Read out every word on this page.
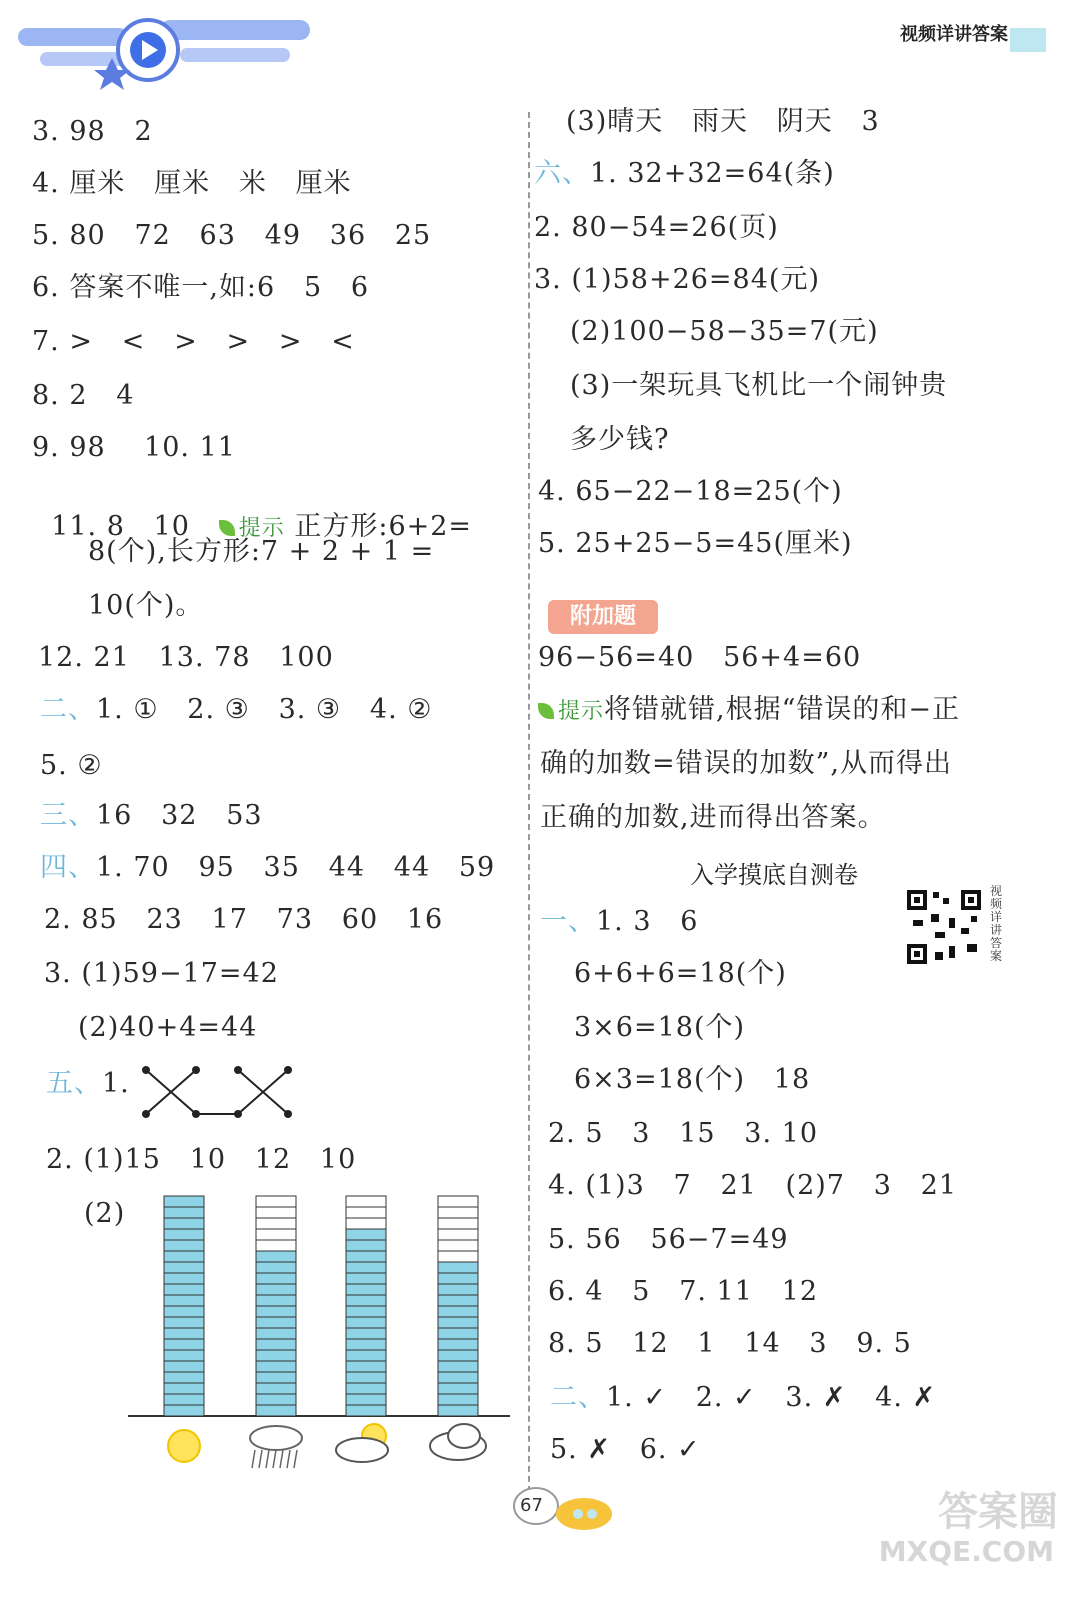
视频详讲答案
3. 98   2
4. 厘米   厘米   米   厘米
5. 80   72   63   49   36   25
6. 答案不唯一,如:6   5   6
7. >   <   >   >   >   <
8. 2   4
9. 98    10. 11

11. 8   10 提示 正方形:6+2=

8(个),长方形:7 + 2 + 1 =
10(个)。
12. 21   13. 78   100
二、1. ①   2. ③   3. ③   4. ②
5. ②
三、16   32   53
四、1. 70   95   35   44   44   59
2. 85   23   17   73   60   16
3. (1)59−17=42
(2)40+4=44
五、1.
2. (1)15   10   12   10
(2)
(3)晴天   雨天   阴天   3
六、1. 32+32=64(条)
2. 80−54=26(页)
3. (1)58+26=84(元)
(2)100−58−35=7(元)
(3)一架玩具飞机比一个闹钟贵
多少钱?
4. 65−22−18=25(个)
5. 25+25−5=45(厘米)
附加题
96−56=40   56+4=60
提示将错就错,根据“错误的和−正
确的加数=错误的加数”,从而得出
正确的加数,进而得出答案。
入学摸底自测卷
视频详讲答案
一、1. 3   6
6+6+6=18(个)
3×6=18(个)
6×3=18(个)   18
2. 5   3   15   3. 10
4. (1)3   7   21   (2)7   3   21
5. 56   56−7=49
6. 4   5   7. 11   12
8. 5   12   1   14   3   9. 5
二、1. ✓   2. ✓   3. ✗   4. ✗
5. ✗   6. ✓
67	答案圈
MXQE.COM
